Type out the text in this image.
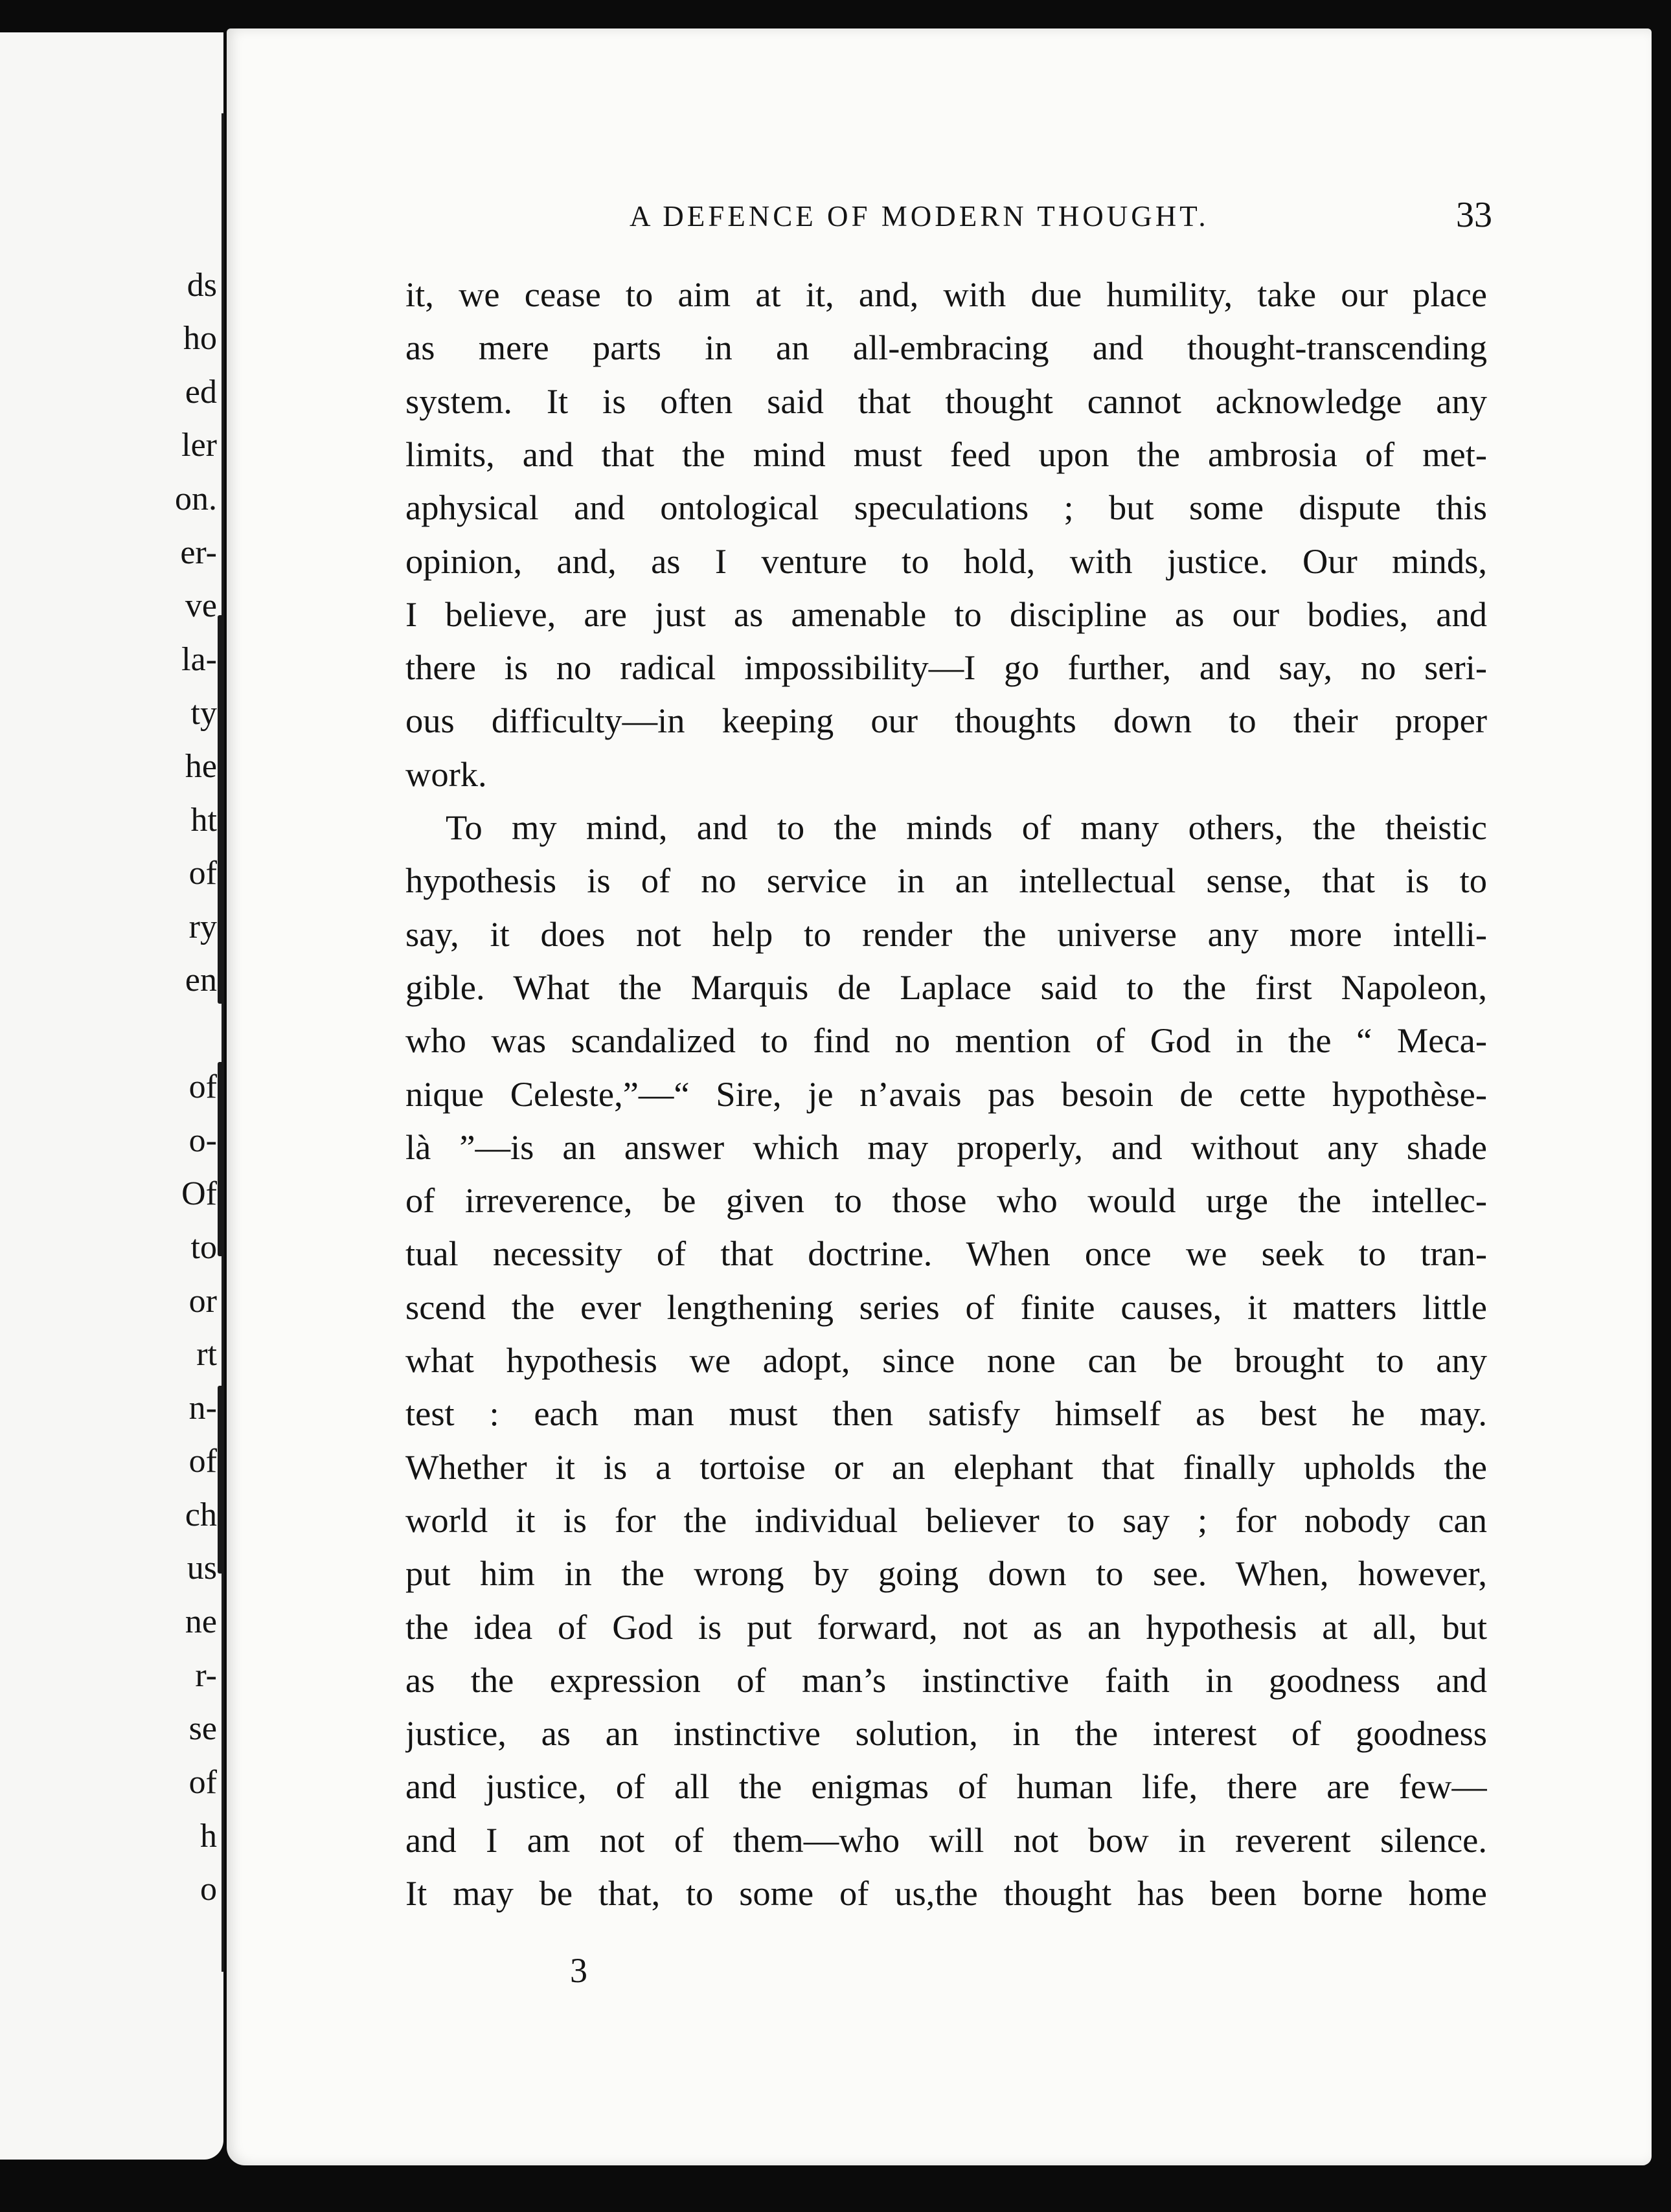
ds
ho
ed
ler
on.
er-
ve
la-
ty
he
ht
of
ry
en
of
o-
Of
to
or
rt
n-
of
ch
us
ne
r-
se
of
h
o
A DEFENCE OF MODERN THOUGHT.	33
it, we cease to aim at it, and, with due humility, take our place
as mere parts in an all-embracing and thought-transcending
system. It is often said that thought cannot acknowledge any
limits, and that the mind must feed upon the ambrosia of met-
aphysical and ontological speculations ; but some dispute this
opinion, and, as I venture to hold, with justice. Our minds,
I believe, are just as amenable to discipline as our bodies, and
there is no radical impossibility—I go further, and say, no seri-
ous difficulty—in keeping our thoughts down to their proper
work.
To my mind, and to the minds of many others, the theistic
hypothesis is of no service in an intellectual sense, that is to
say, it does not help to render the universe any more intelli-
gible. What the Marquis de Laplace said to the first Napoleon,
who was scandalized to find no mention of God in the “ Meca-
nique Celeste,”—“ Sire, je n’avais pas besoin de cette hypothèse-
là ”—is an answer which may properly, and without any shade
of irreverence, be given to those who would urge the intellec-
tual necessity of that doctrine. When once we seek to tran-
scend the ever lengthening series of finite causes, it matters little
what hypothesis we adopt, since none can be brought to any
test : each man must then satisfy himself as best he may.
Whether it is a tortoise or an elephant that finally upholds the
world it is for the individual believer to say ; for nobody can
put him in the wrong by going down to see. When, however,
the idea of God is put forward, not as an hypothesis at all, but
as the expression of man’s instinctive faith in goodness and
justice, as an instinctive solution, in the interest of goodness
and justice, of all the enigmas of human life, there are few—
and I am not of them—who will not bow in reverent silence.
It may be that, to some of us,the thought has been borne home
3
